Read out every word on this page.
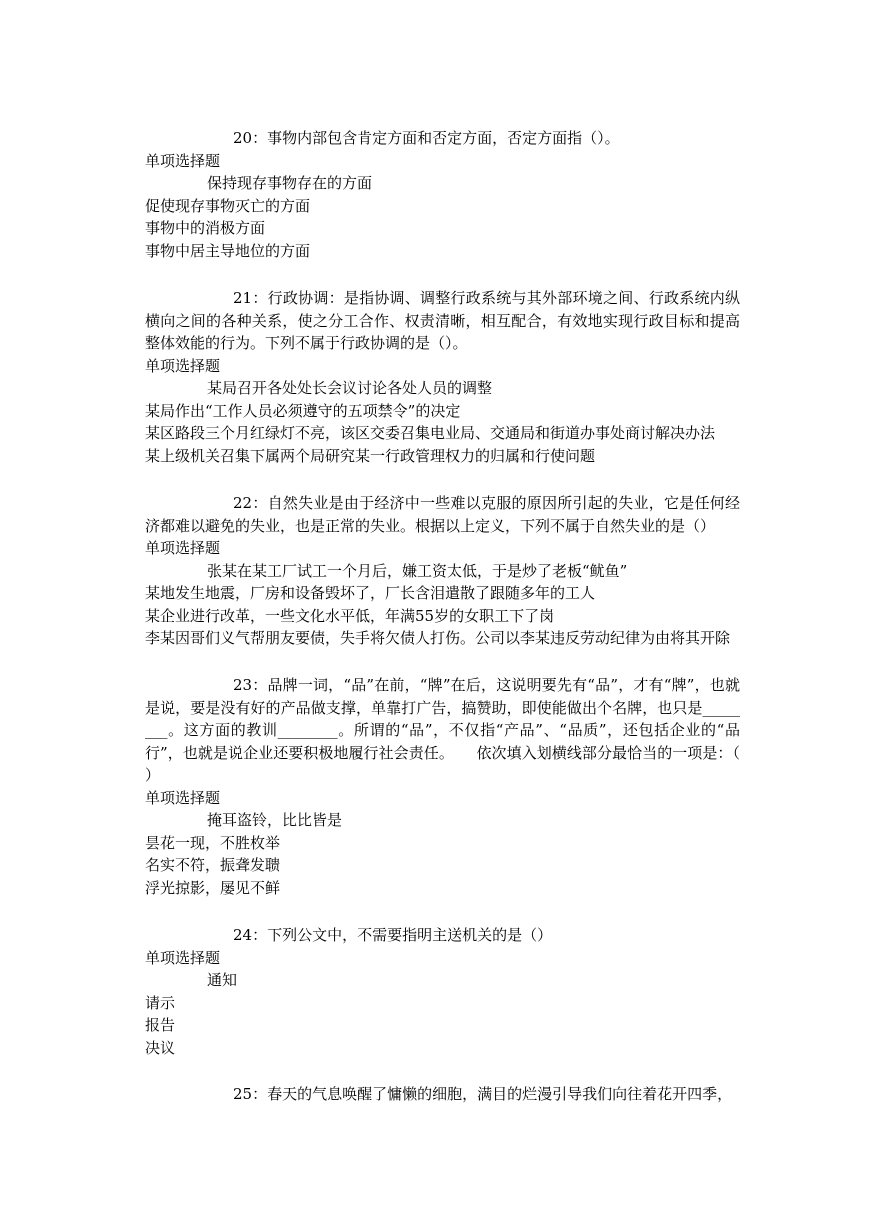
20：事物内部包含肯定方面和否定方面，否定方面指（）。

单项选择题

保持现存事物存在的方面

促使现存事物灭亡的方面

事物中的消极方面

事物中居主导地位的方面

21：行政协调：是指协调、调整行政系统与其外部环境之间、行政系统内纵横向之间的各种关系，使之分工合作、权责清晰，相互配合，有效地实现行政目标和提高整体效能的行为。下列不属于行政协调的是（）。

单项选择题

某局召开各处处长会议讨论各处人员的调整

某局作出“工作人员必须遵守的五项禁令”的决定

某区路段三个月红绿灯不亮，该区交委召集电业局、交通局和街道办事处商讨解决办法

某上级机关召集下属两个局研究某一行政管理权力的归属和行使问题

22：自然失业是由于经济中一些难以克服的原因所引起的失业，它是任何经济都难以避免的失业，也是正常的失业。根据以上定义，下列不属于自然失业的是（）

单项选择题

张某在某工厂试工一个月后，嫌工资太低，于是炒了老板“鱿鱼”

某地发生地震，厂房和设备毁坏了，厂长含泪遣散了跟随多年的工人

某企业进行改革，一些文化水平低，年满55岁的女职工下了岗

李某因哥们义气帮朋友要债，失手将欠债人打伤。公司以李某违反劳动纪律为由将其开除

23：品牌一词，“品”在前，“牌”在后，这说明要先有“品”，才有“牌”，也就是说，要是没有好的产品做支撑，单靠打广告，搞赞助，即使能做出个名牌，也只是________。这方面的教训________。所谓的“品”，不仅指“产品”、“品质”，还包括企业的“品行”，也就是说企业还要积极地履行社会责任。　　依次填入划横线部分最恰当的一项是：（ ）

单项选择题

掩耳盗铃，比比皆是

昙花一现，不胜枚举

名实不符，振聋发聩

浮光掠影，屡见不鲜

24：下列公文中，不需要指明主送机关的是（）

单项选择题

通知

请示

报告

决议

25：春天的气息唤醒了慵懒的细胞，满目的烂漫引导我们向往着花开四季，
